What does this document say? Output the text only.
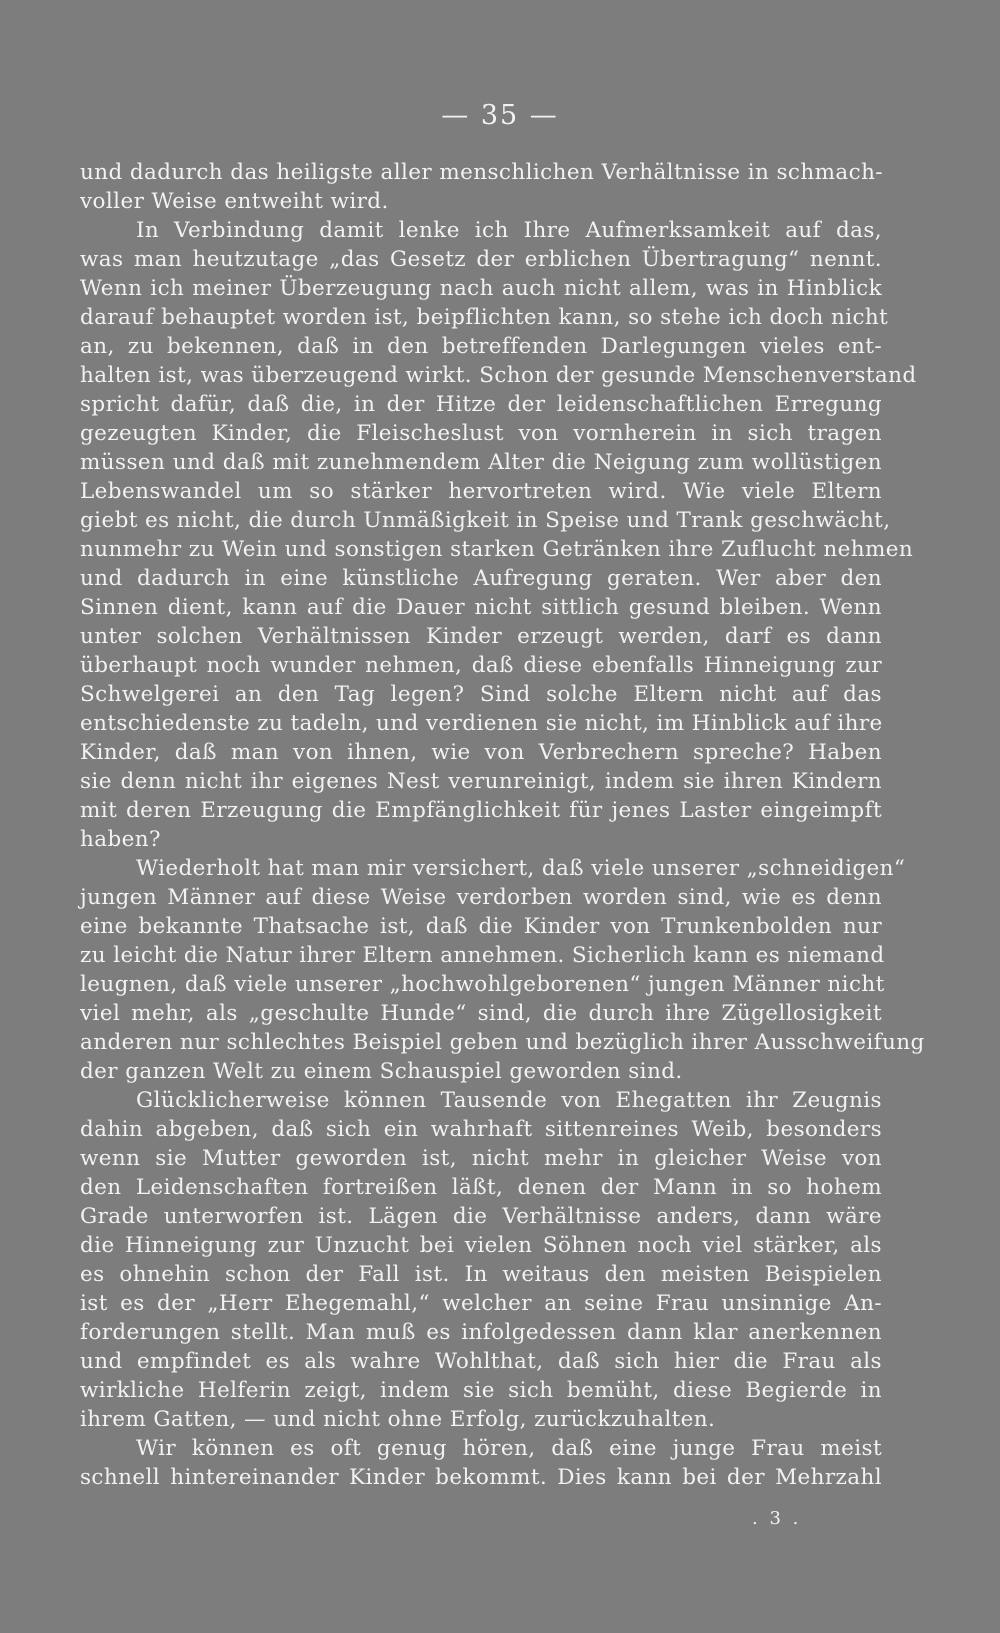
— 35 —
und dadurch das heiligste aller menschlichen Verhältnisse in schmach-
voller Weise entweiht wird.
In Verbindung damit lenke ich Ihre Aufmerksamkeit auf das,
was man heutzutage „das Gesetz der erblichen Übertragung“ nennt.
Wenn ich meiner Überzeugung nach auch nicht allem, was in Hinblick
darauf behauptet worden ist, beipflichten kann, so stehe ich doch nicht
an, zu bekennen, daß in den betreffenden Darlegungen vieles ent-
halten ist, was überzeugend wirkt. Schon der gesunde Menschenverstand
spricht dafür, daß die, in der Hitze der leidenschaftlichen Erregung
gezeugten Kinder, die Fleischeslust von vornherein in sich tragen
müssen und daß mit zunehmendem Alter die Neigung zum wollüstigen
Lebenswandel um so stärker hervortreten wird. Wie viele Eltern
giebt es nicht, die durch Unmäßigkeit in Speise und Trank geschwächt,
nunmehr zu Wein und sonstigen starken Getränken ihre Zuflucht nehmen
und dadurch in eine künstliche Aufregung geraten. Wer aber den
Sinnen dient, kann auf die Dauer nicht sittlich gesund bleiben. Wenn
unter solchen Verhältnissen Kinder erzeugt werden, darf es dann
überhaupt noch wunder nehmen, daß diese ebenfalls Hinneigung zur
Schwelgerei an den Tag legen? Sind solche Eltern nicht auf das
entschiedenste zu tadeln, und verdienen sie nicht, im Hinblick auf ihre
Kinder, daß man von ihnen, wie von Verbrechern spreche? Haben
sie denn nicht ihr eigenes Nest verunreinigt, indem sie ihren Kindern
mit deren Erzeugung die Empfänglichkeit für jenes Laster eingeimpft
haben?
Wiederholt hat man mir versichert, daß viele unserer „schneidigen“
jungen Männer auf diese Weise verdorben worden sind, wie es denn
eine bekannte Thatsache ist, daß die Kinder von Trunkenbolden nur
zu leicht die Natur ihrer Eltern annehmen. Sicherlich kann es niemand
leugnen, daß viele unserer „hochwohlgeborenen“ jungen Männer nicht
viel mehr, als „geschulte Hunde“ sind, die durch ihre Zügellosigkeit
anderen nur schlechtes Beispiel geben und bezüglich ihrer Ausschweifung
der ganzen Welt zu einem Schauspiel geworden sind.
Glücklicherweise können Tausende von Ehegatten ihr Zeugnis
dahin abgeben, daß sich ein wahrhaft sittenreines Weib, besonders
wenn sie Mutter geworden ist, nicht mehr in gleicher Weise von
den Leidenschaften fortreißen läßt, denen der Mann in so hohem
Grade unterworfen ist. Lägen die Verhältnisse anders, dann wäre
die Hinneigung zur Unzucht bei vielen Söhnen noch viel stärker, als
es ohnehin schon der Fall ist. In weitaus den meisten Beispielen
ist es der „Herr Ehegemahl,“ welcher an seine Frau unsinnige An-
forderungen stellt. Man muß es infolgedessen dann klar anerkennen
und empfindet es als wahre Wohlthat, daß sich hier die Frau als
wirkliche Helferin zeigt, indem sie sich bemüht, diese Begierde in
ihrem Gatten, — und nicht ohne Erfolg, zurückzuhalten.
Wir können es oft genug hören, daß eine junge Frau meist
schnell hintereinander Kinder bekommt. Dies kann bei der Mehrzahl
. 3 .
